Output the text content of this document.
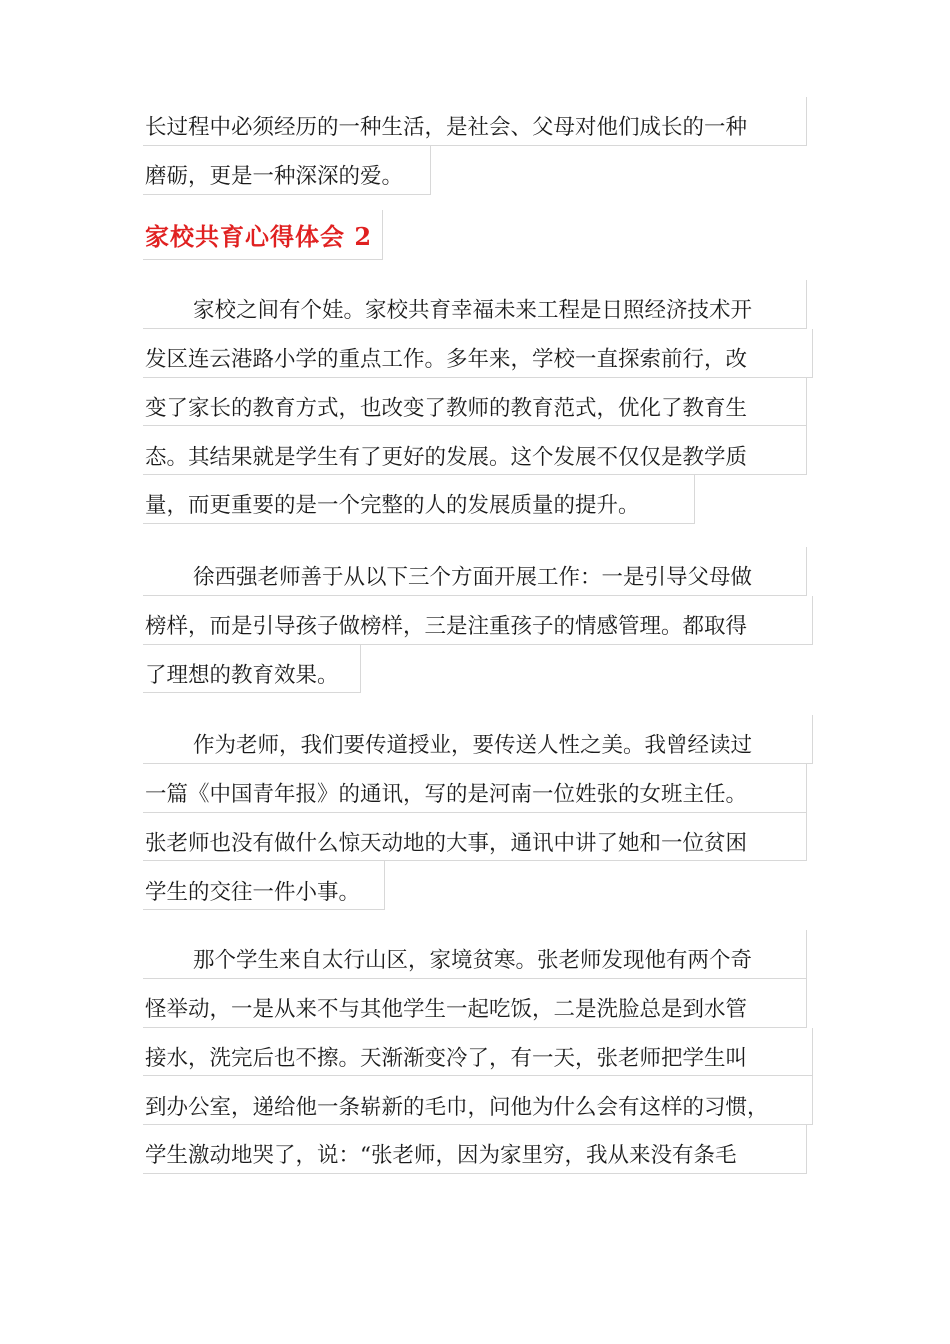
长过程中必须经历的一种生活，是社会、父母对他们成长的一种
磨砺，更是一种深深的爱。
家校共育心得体会 2
家校之间有个娃。家校共育幸福未来工程是日照经济技术开
发区连云港路小学的重点工作。多年来，学校一直探索前行，改
变了家长的教育方式，也改变了教师的教育范式，优化了教育生
态。其结果就是学生有了更好的发展。这个发展不仅仅是教学质
量，而更重要的是一个完整的人的发展质量的提升。
徐西强老师善于从以下三个方面开展工作：一是引导父母做
榜样，而是引导孩子做榜样，三是注重孩子的情感管理。都取得
了理想的教育效果。
作为老师，我们要传道授业，要传送人性之美。我曾经读过
一篇《中国青年报》的通讯，写的是河南一位姓张的女班主任。
张老师也没有做什么惊天动地的大事，通讯中讲了她和一位贫困
学生的交往一件小事。
那个学生来自太行山区，家境贫寒。张老师发现他有两个奇
怪举动，一是从来不与其他学生一起吃饭，二是洗脸总是到水管
接水，洗完后也不擦。天渐渐变冷了，有一天，张老师把学生叫
到办公室，递给他一条崭新的毛巾，问他为什么会有这样的习惯，
学生激动地哭了，说：“张老师，因为家里穷，我从来没有条毛
